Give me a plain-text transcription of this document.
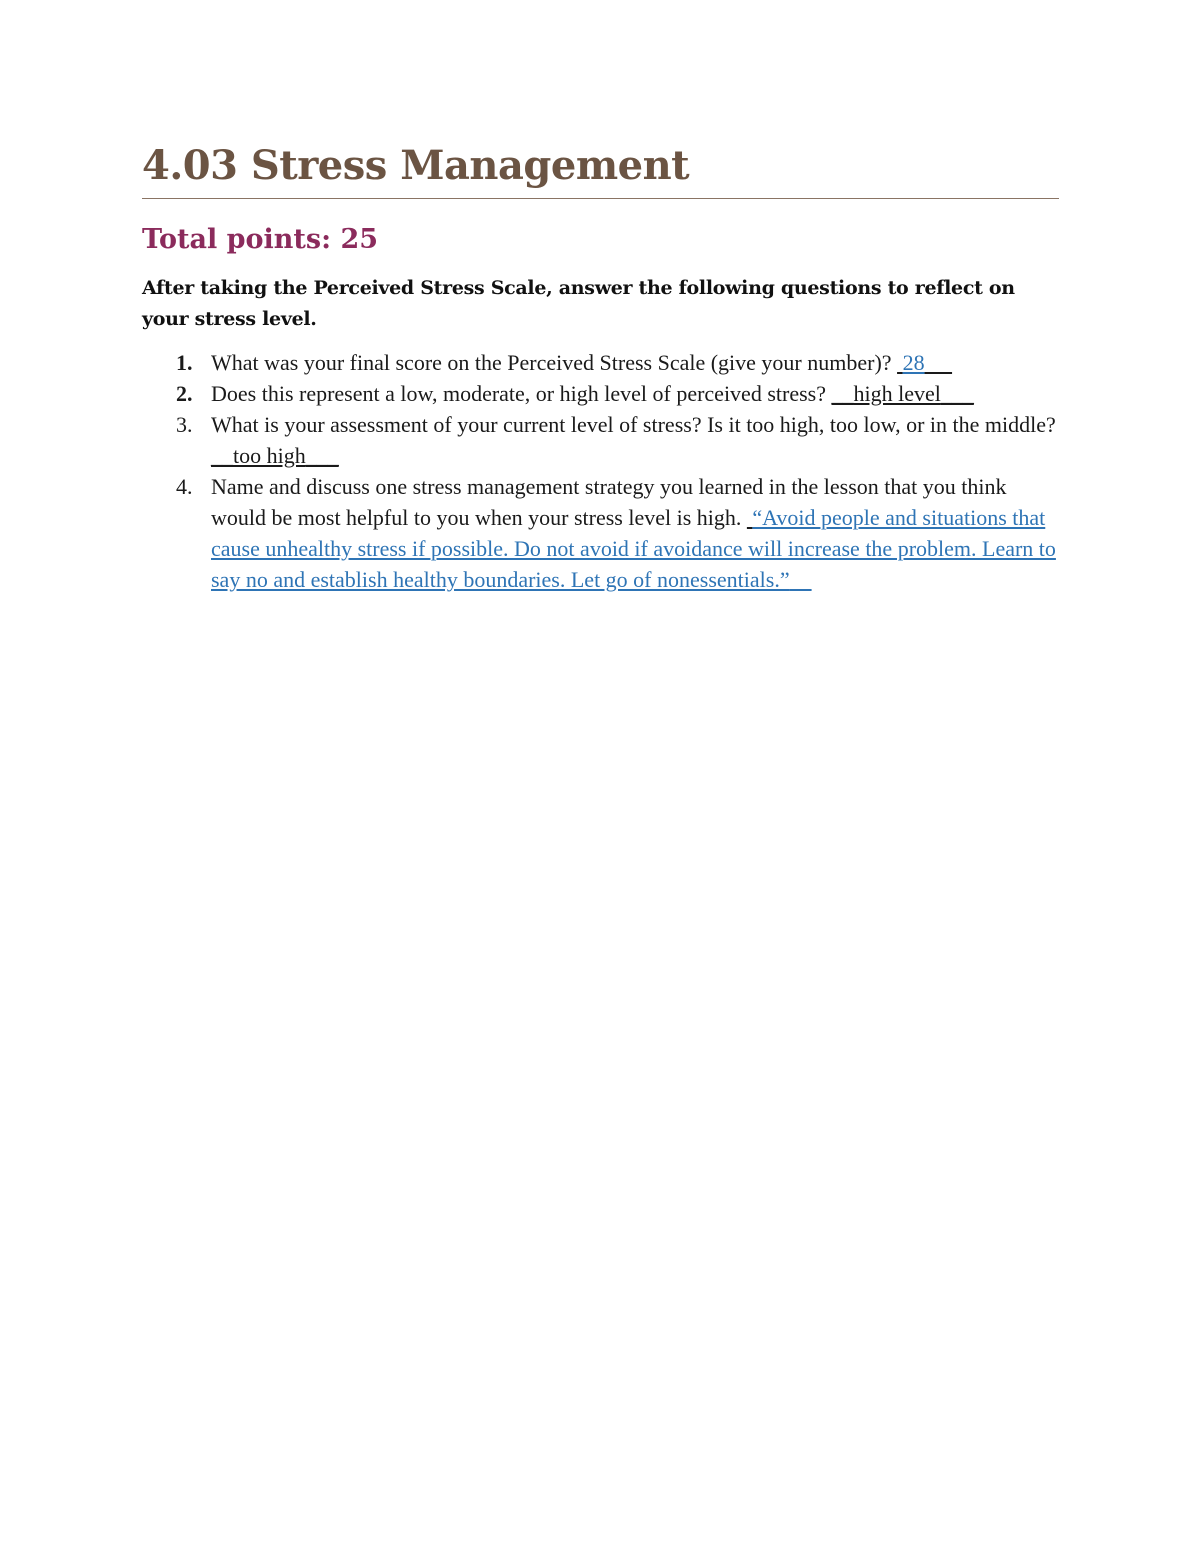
4.03 Stress Management
Total points: 25

After taking the Perceived Stress Scale, answer the following questions to reflect on your stress level.

1. What was your final score on the Perceived Stress Scale (give your number)?  28
2. Does this represent a low, moderate, or high level of perceived stress? __high level___
3. What is your assessment of your current level of stress? Is it too high, too low, or in the middle? __too high___
4. Name and discuss one stress management strategy you learned in the lesson that you think would be most helpful to you when your stress level is high.  “Avoid people and situations that cause unhealthy stress if possible. Do not avoid if avoidance will increase the problem. Learn to say no and establish healthy boundaries. Let go of nonessentials.”
